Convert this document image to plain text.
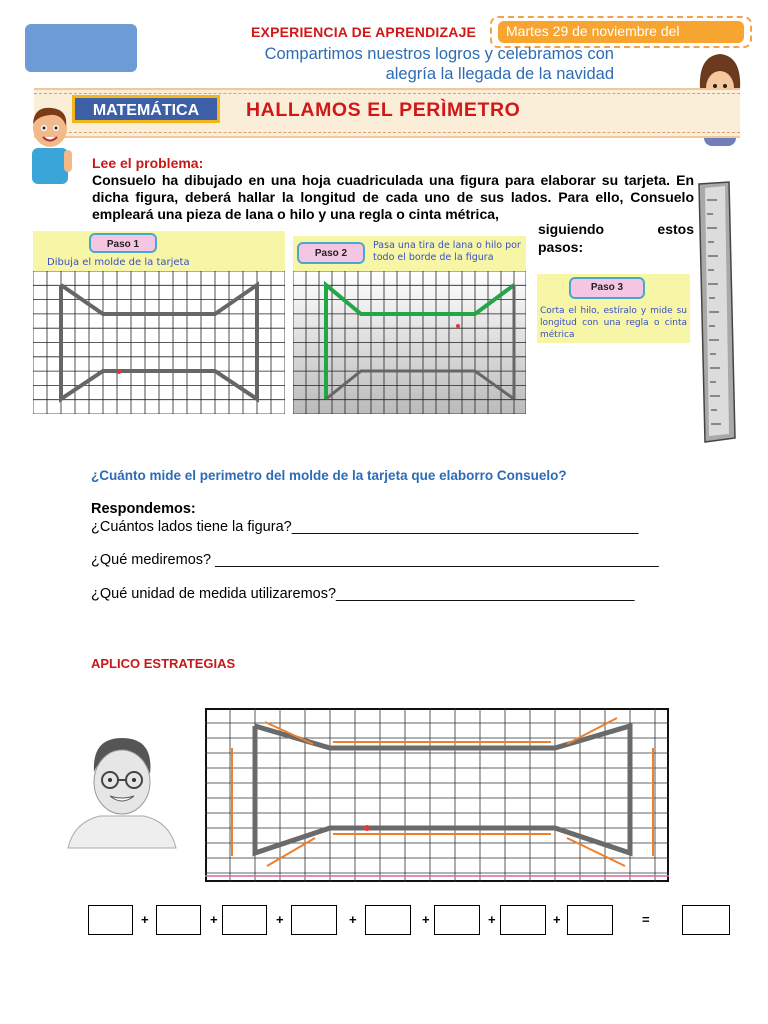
EXPERIENCIA DE APRENDIZAJE	Martes 29 de noviembre del
Compartimos nuestros logros y celebramos con
alegría la llegada de la navidad
MATEMÁTICA	HALLAMOS EL PERÌMETRO
Lee el problema:
Consuelo ha dibujado en una hoja cuadriculada una figura para elaborar su tarjeta. En dicha figura, deberá hallar la longitud de cada uno de sus lados. Para ello, Consuelo empleará una pieza de lana o hilo y una regla o cinta métrica,
siguiendo estos
pasos:
Paso 1
Dibuja el molde de la tarjeta
Paso 2
Pasa una tira de lana o hilo por todo el borde de la figura
Paso 3
Corta el hilo, estíralo y mide su longitud con una regla o cinta métrica
¿Cuánto mide el perimetro del molde de la tarjeta que elaborro Consuelo?
Respondemos:
¿Cuántos lados tiene la figura?___________________________________________
¿Qué mediremos? _______________________________________________________
¿Qué unidad de medida utilizaremos?_____________________________________
APLICO ESTRATEGIAS
+	+	+	+	+	+	+	=
